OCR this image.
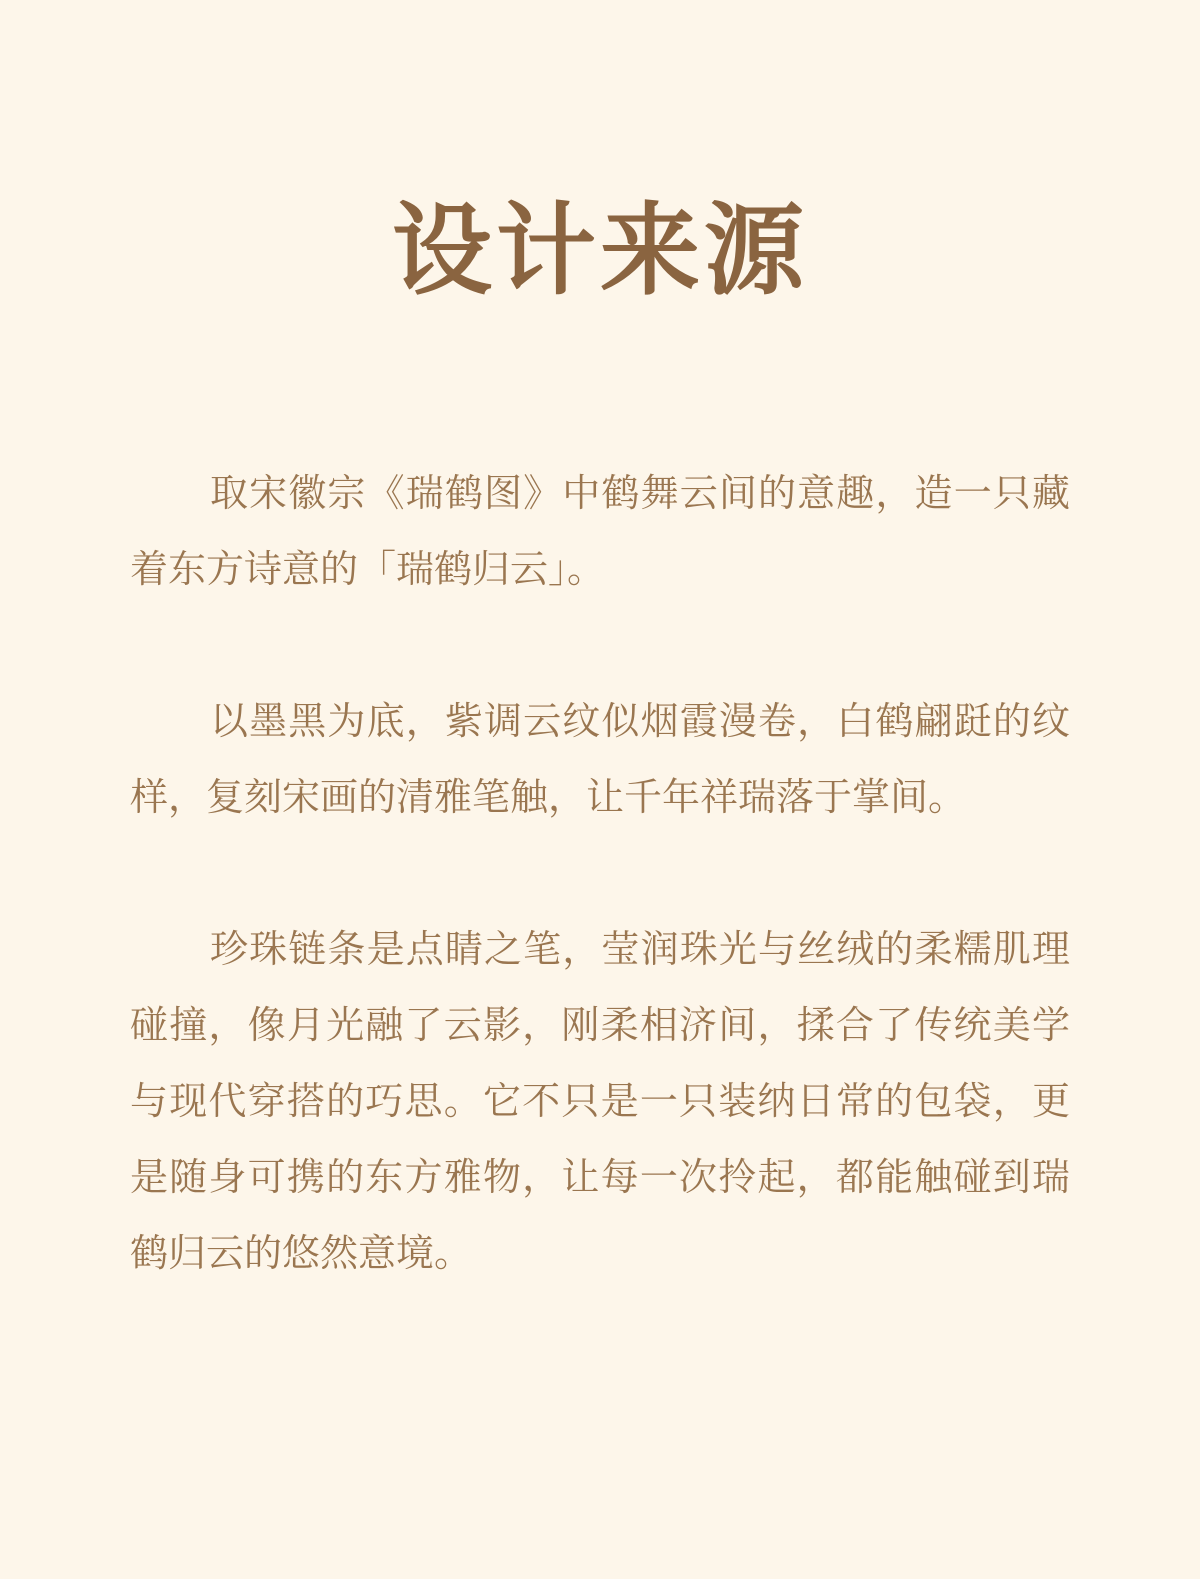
设计来源

取宋徽宗《瑞鹤图》中鹤舞云间的意趣，造一只藏着东方诗意的「瑞鹤归云」。

以墨黑为底，紫调云纹似烟霞漫卷，白鹤翩跹的纹样，复刻宋画的清雅笔触，让千年祥瑞落于掌间。

珍珠链条是点睛之笔，莹润珠光与丝绒的柔糯肌理碰撞，像月光融了云影，刚柔相济间，揉合了传统美学与现代穿搭的巧思。它不只是一只装纳日常的包袋，更是随身可携的东方雅物，让每一次拎起，都能触碰到瑞鹤归云的悠然意境。
